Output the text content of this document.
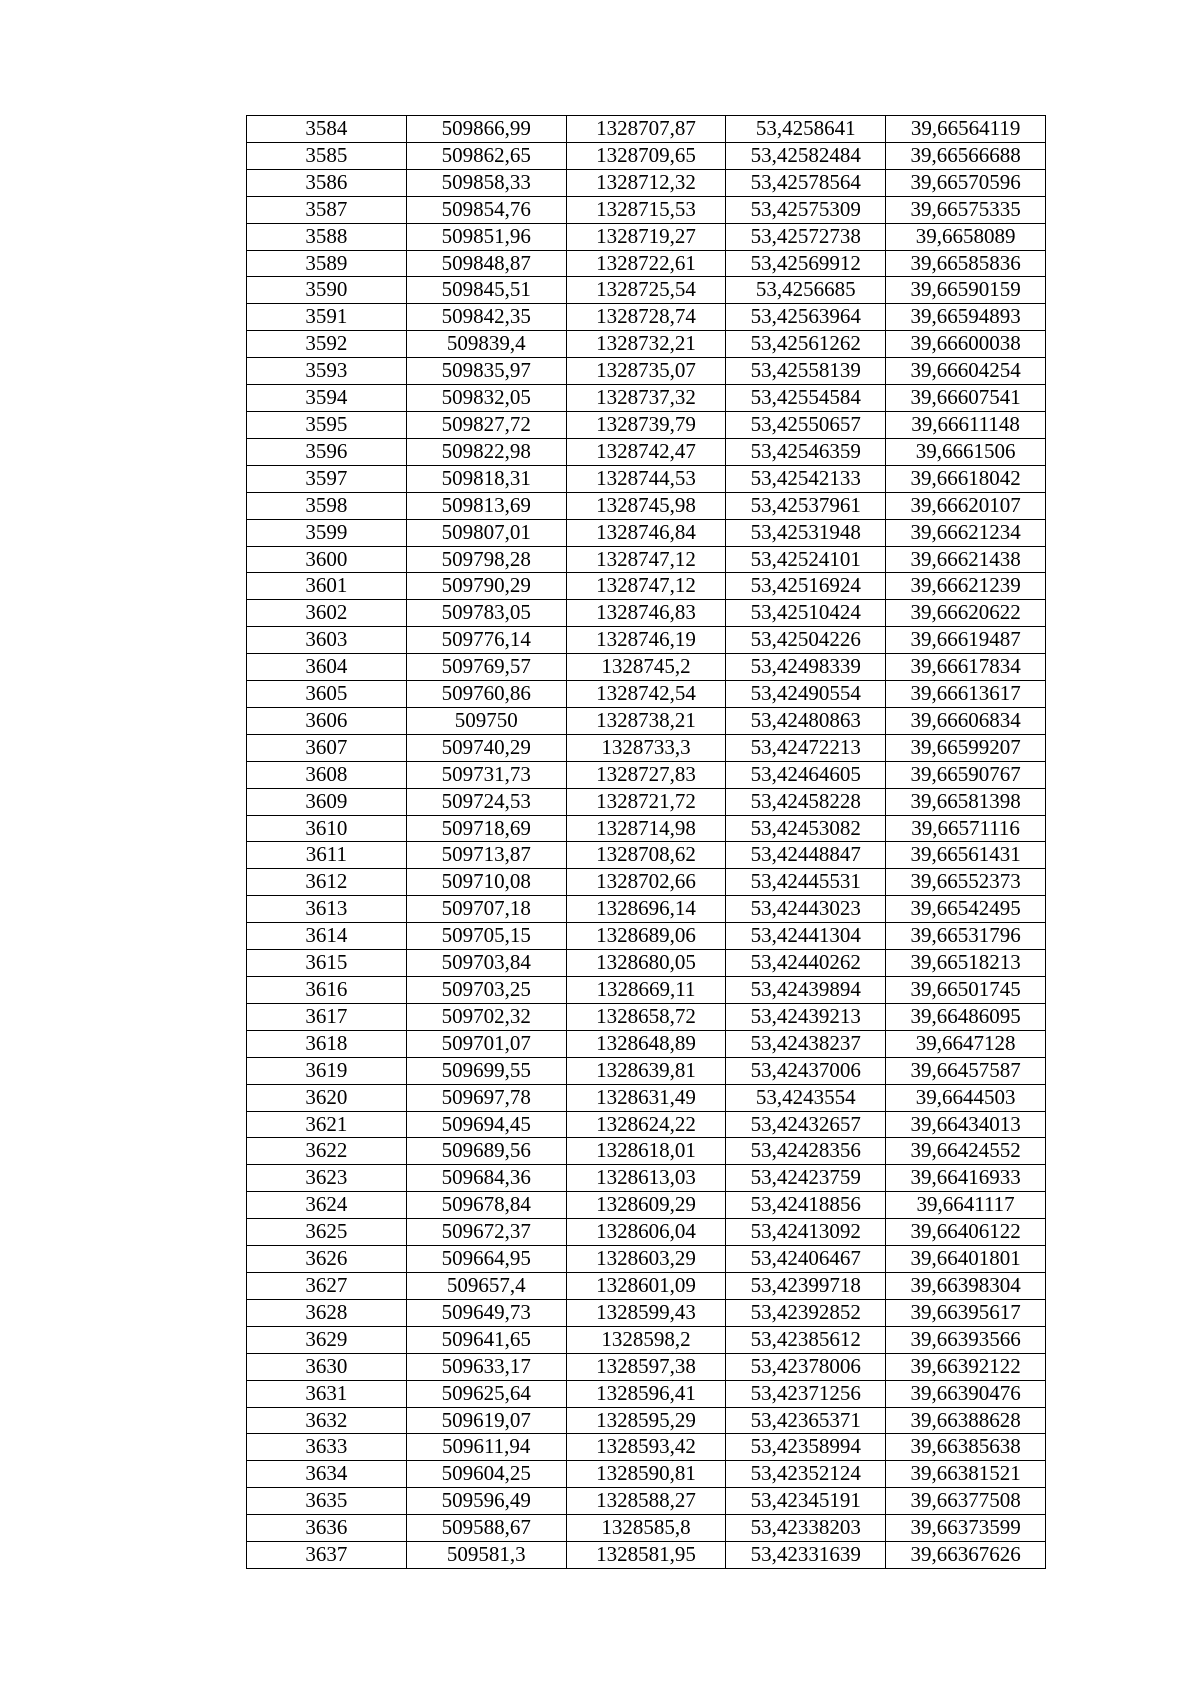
3584	509866,99	1328707,87	53,4258641	39,66564119
3585	509862,65	1328709,65	53,42582484	39,66566688
3586	509858,33	1328712,32	53,42578564	39,66570596
3587	509854,76	1328715,53	53,42575309	39,66575335
3588	509851,96	1328719,27	53,42572738	39,6658089
3589	509848,87	1328722,61	53,42569912	39,66585836
3590	509845,51	1328725,54	53,4256685	39,66590159
3591	509842,35	1328728,74	53,42563964	39,66594893
3592	509839,4	1328732,21	53,42561262	39,66600038
3593	509835,97	1328735,07	53,42558139	39,66604254
3594	509832,05	1328737,32	53,42554584	39,66607541
3595	509827,72	1328739,79	53,42550657	39,66611148
3596	509822,98	1328742,47	53,42546359	39,6661506
3597	509818,31	1328744,53	53,42542133	39,66618042
3598	509813,69	1328745,98	53,42537961	39,66620107
3599	509807,01	1328746,84	53,42531948	39,66621234
3600	509798,28	1328747,12	53,42524101	39,66621438
3601	509790,29	1328747,12	53,42516924	39,66621239
3602	509783,05	1328746,83	53,42510424	39,66620622
3603	509776,14	1328746,19	53,42504226	39,66619487
3604	509769,57	1328745,2	53,42498339	39,66617834
3605	509760,86	1328742,54	53,42490554	39,66613617
3606	509750	1328738,21	53,42480863	39,66606834
3607	509740,29	1328733,3	53,42472213	39,66599207
3608	509731,73	1328727,83	53,42464605	39,66590767
3609	509724,53	1328721,72	53,42458228	39,66581398
3610	509718,69	1328714,98	53,42453082	39,66571116
3611	509713,87	1328708,62	53,42448847	39,66561431
3612	509710,08	1328702,66	53,42445531	39,66552373
3613	509707,18	1328696,14	53,42443023	39,66542495
3614	509705,15	1328689,06	53,42441304	39,66531796
3615	509703,84	1328680,05	53,42440262	39,66518213
3616	509703,25	1328669,11	53,42439894	39,66501745
3617	509702,32	1328658,72	53,42439213	39,66486095
3618	509701,07	1328648,89	53,42438237	39,6647128
3619	509699,55	1328639,81	53,42437006	39,66457587
3620	509697,78	1328631,49	53,4243554	39,6644503
3621	509694,45	1328624,22	53,42432657	39,66434013
3622	509689,56	1328618,01	53,42428356	39,66424552
3623	509684,36	1328613,03	53,42423759	39,66416933
3624	509678,84	1328609,29	53,42418856	39,6641117
3625	509672,37	1328606,04	53,42413092	39,66406122
3626	509664,95	1328603,29	53,42406467	39,66401801
3627	509657,4	1328601,09	53,42399718	39,66398304
3628	509649,73	1328599,43	53,42392852	39,66395617
3629	509641,65	1328598,2	53,42385612	39,66393566
3630	509633,17	1328597,38	53,42378006	39,66392122
3631	509625,64	1328596,41	53,42371256	39,66390476
3632	509619,07	1328595,29	53,42365371	39,66388628
3633	509611,94	1328593,42	53,42358994	39,66385638
3634	509604,25	1328590,81	53,42352124	39,66381521
3635	509596,49	1328588,27	53,42345191	39,66377508
3636	509588,67	1328585,8	53,42338203	39,66373599
3637	509581,3	1328581,95	53,42331639	39,66367626
